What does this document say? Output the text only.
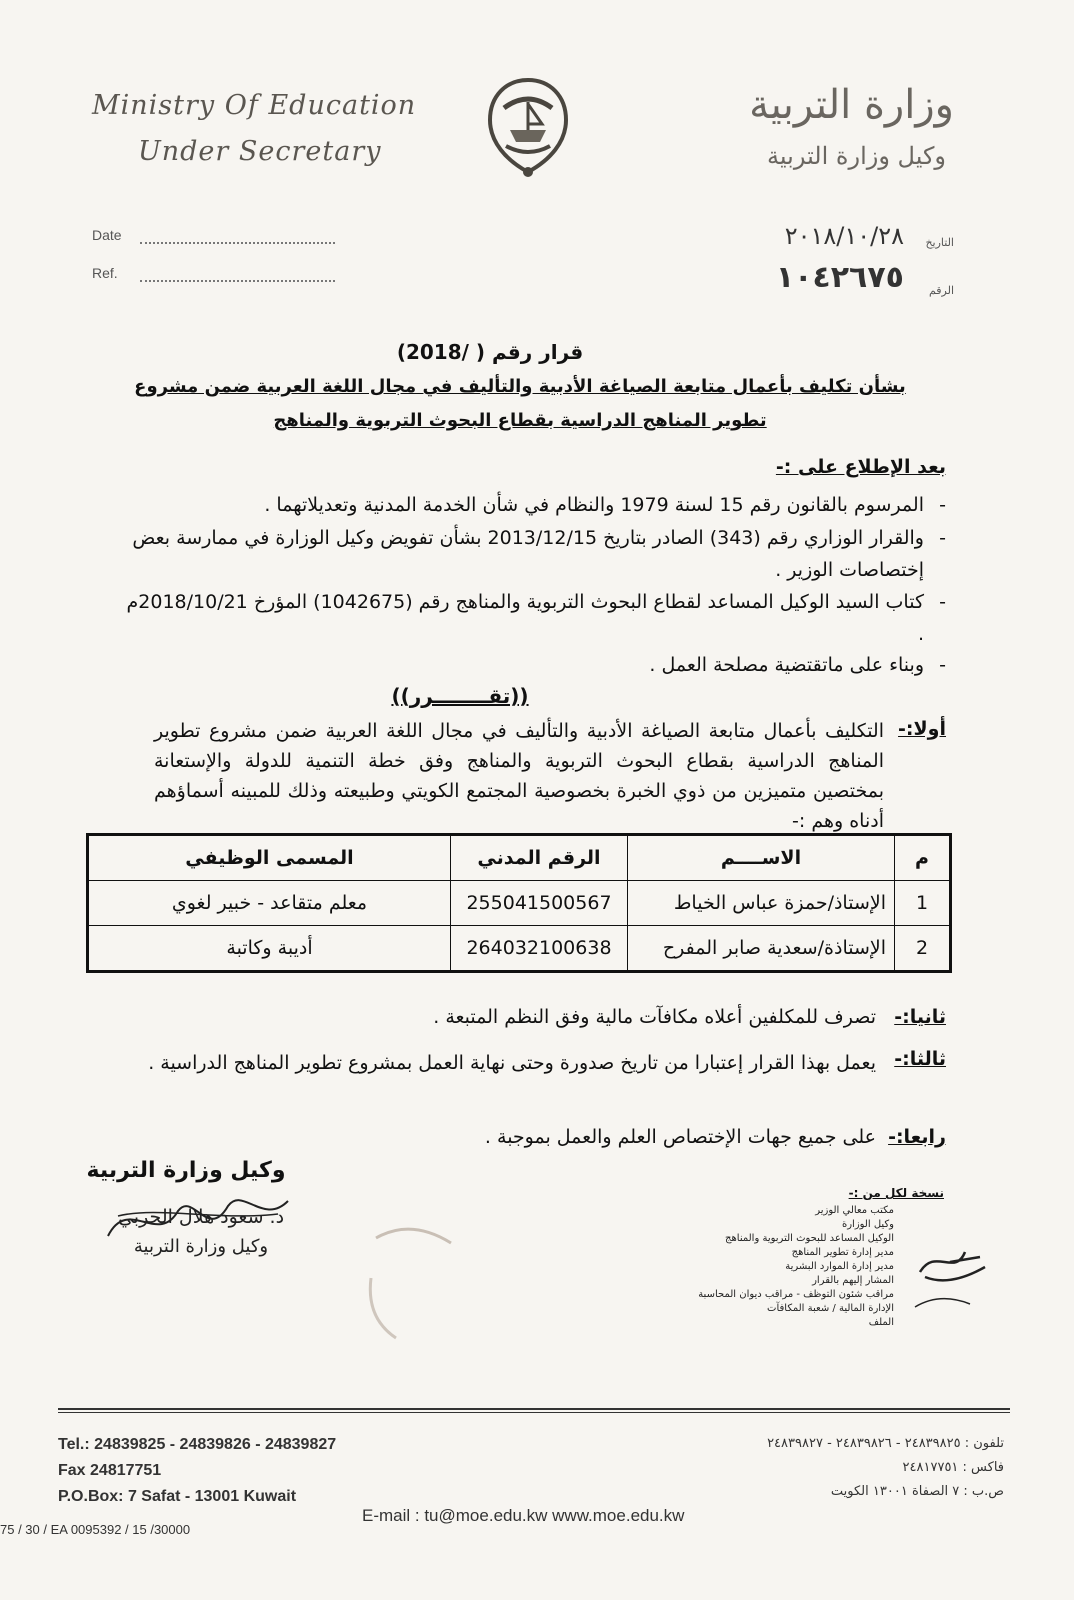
Ministry Of Education
Under Secretary
وزارة التربية
وكيل وزارة التربية
Date
Ref.
التاريخ
٢٠١٨/١٠/٢٨
الرقم
١٠٤٢٦٧٥
قرار رقم ( /2018)
بشأن تكليف بأعمال متابعة الصياغة الأدبية والتأليف في مجال اللغة العربية ضمن مشروع
تطوير المناهج الدراسية بقطاع البحوث التربوية والمناهج
بعد الإطلاع على :-
-
المرسوم بالقانون رقم 15 لسنة 1979 والنظام في شأن الخدمة المدنية وتعديلاتهما .
-
والقرار الوزاري رقم (343) الصادر بتاريخ 2013/12/15 بشأن تفويض وكيل الوزارة في ممارسة بعض إختصاصات الوزير .
-
كتاب السيد الوكيل المساعد لقطاع البحوث التربوية والمناهج رقم (1042675) المؤرخ 2018/10/21م .
-
وبناء على ماتقتضية مصلحة العمل .
((تقــــــــرر))
أولا:-
التكليف بأعمال متابعة الصياغة الأدبية والتأليف في مجال اللغة العربية ضمن مشروع تطوير المناهج الدراسية بقطاع البحوث التربوية والمناهج وفق خطة التنمية للدولة والإستعانة بمختصين متميزين من ذوي الخبرة بخصوصية المجتمع الكويتي وطبيعته وذلك للمبينه أسماؤهم أدناه وهم :-
م	الاســــم	الرقم المدني	المسمى الوظيفي
1	الإستاذ/حمزة عباس الخياط	255041500567	معلم متقاعد - خبير لغوي
2	الإستاذة/سعدية صابر المفرح	264032100638	أديبة وكاتبة
ثانيا:-
تصرف للمكلفين أعلاه مكافآت مالية وفق النظم المتبعة .
ثالثا:-
يعمل بهذا القرار إعتبارا من تاريخ صدورة وحتى نهاية العمل بمشروع تطوير المناهج الدراسية .
رابعا:-
على جميع جهات الإختصاص العلم والعمل بموجبة .
وكيل وزارة التربية
د. سعود هلال الحربي
وكيل وزارة التربية
نسخة لكل من :-
مكتب معالي الوزير
وكيل الوزارة
الوكيل المساعد للبحوث التربوية والمناهج
مدير إدارة تطوير المناهج
مدير إدارة الموارد البشرية
المشار إليهم بالقرار
مراقب شئون التوظف - مراقب ديوان المحاسبة
الإدارة المالية / شعبة المكافآت
الملف
Tel.: 24839825 - 24839826 - 24839827
Fax 24817751
P.O.Box: 7 Safat - 13001 Kuwait
تلفون : ٢٤٨٣٩٨٢٥ - ٢٤٨٣٩٨٢٦ - ٢٤٨٣٩٨٢٧
فاكس : ٢٤٨١٧٧٥١
ص.ب : ٧ الصفاة ١٣٠٠١ الكويت
E-mail : tu@moe.edu.kw www.moe.edu.kw
75 / 30 / EA 0095392 / 15 /30000
